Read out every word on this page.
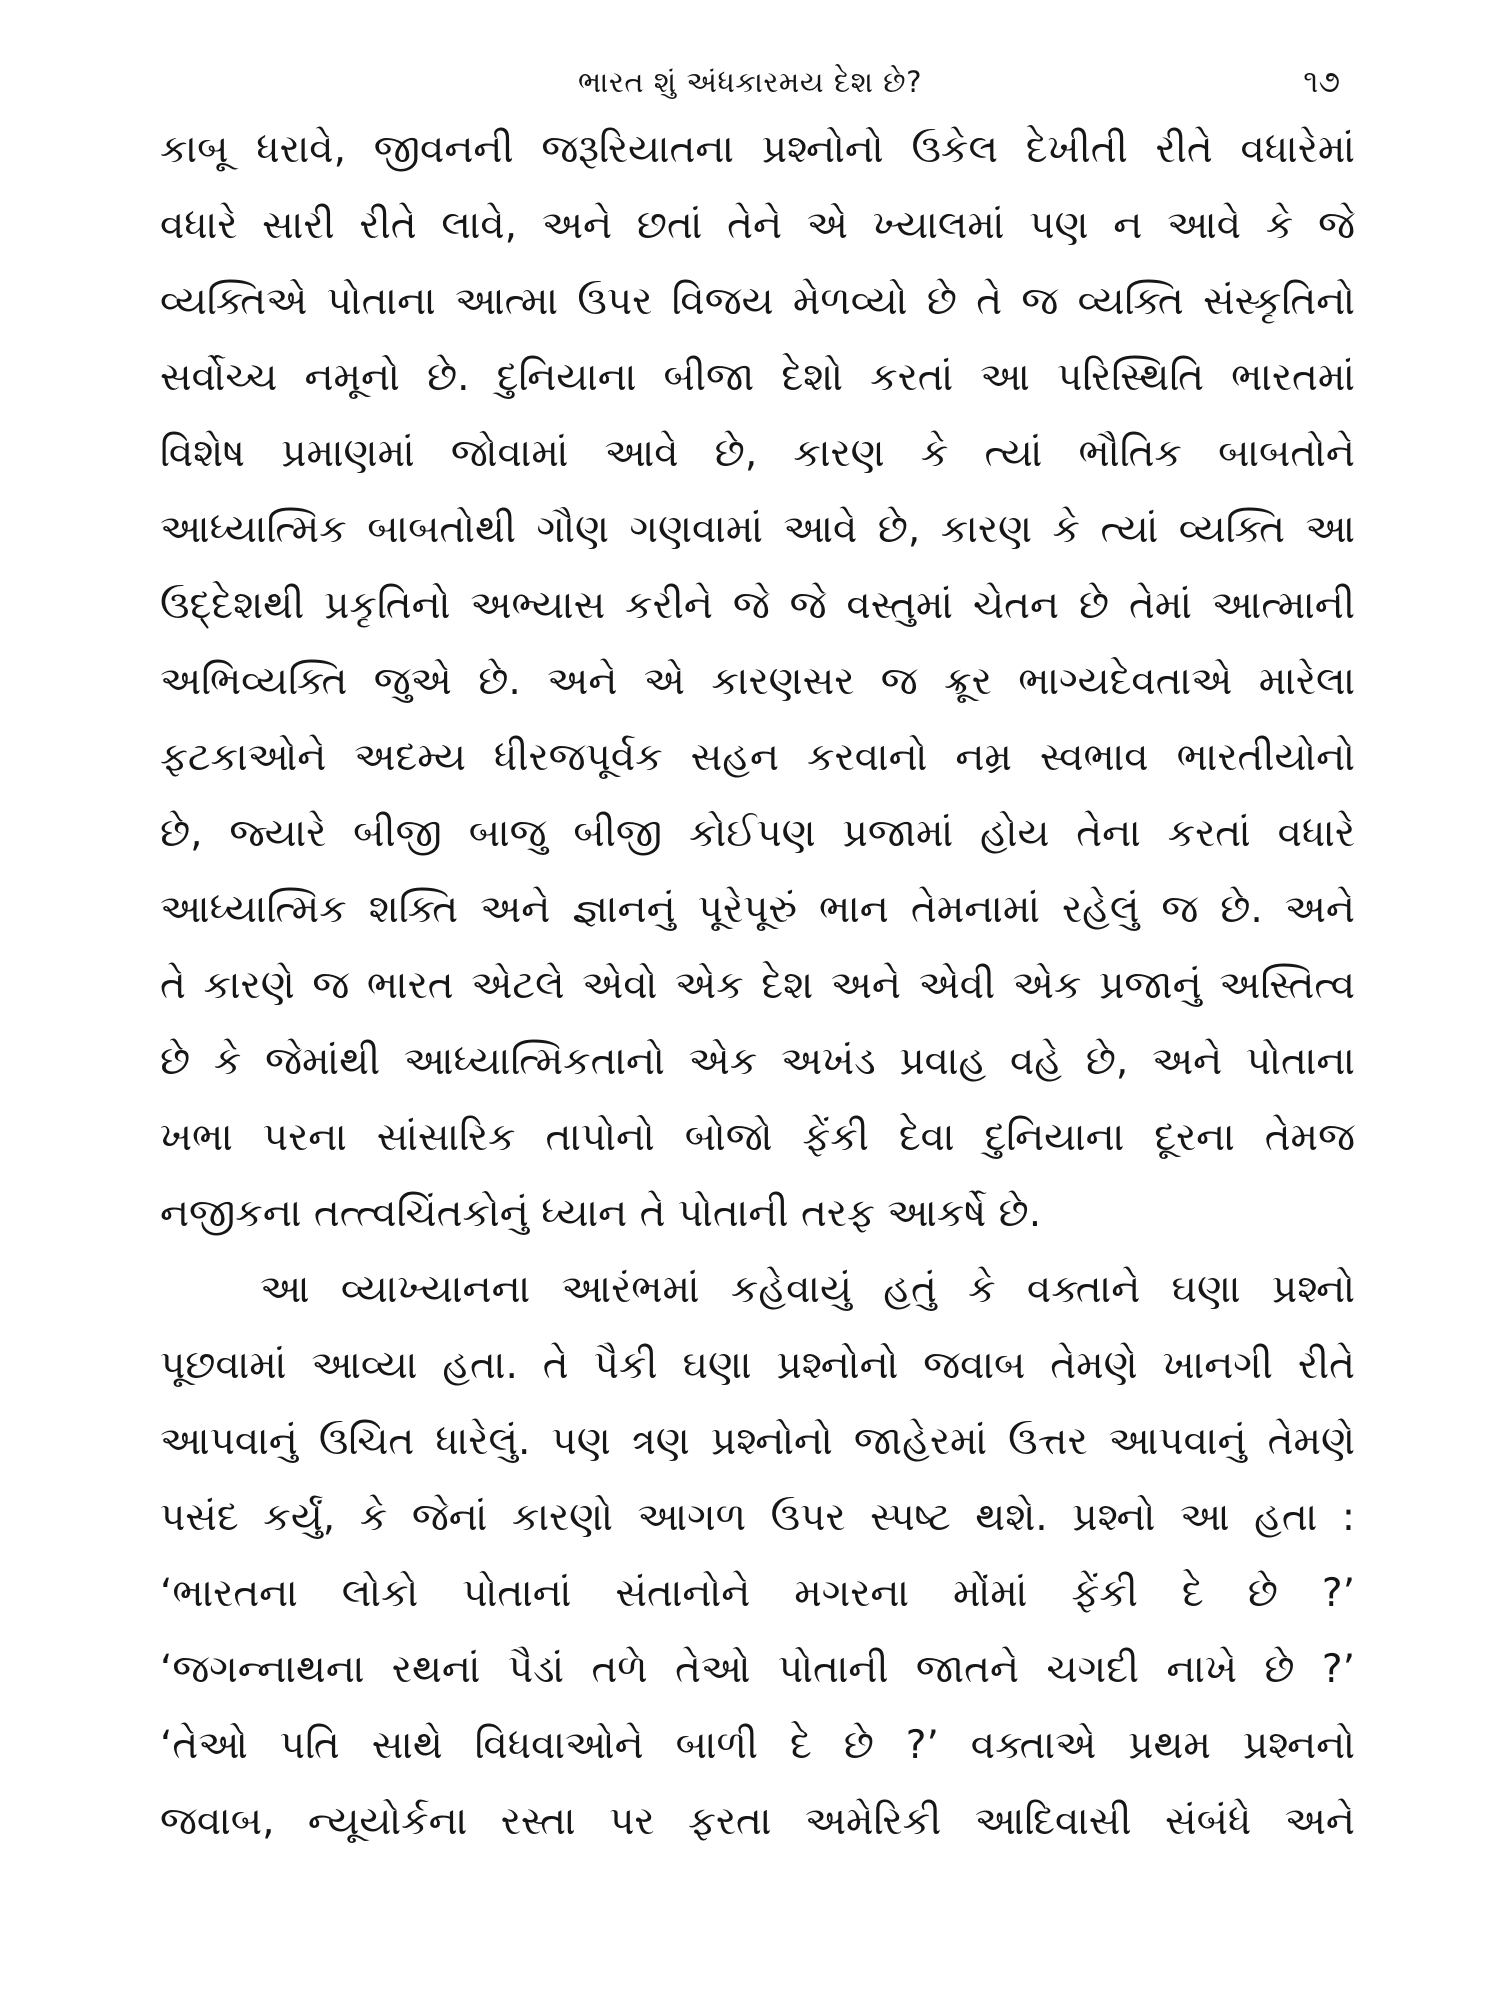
ભારત શું અંધકારમય દેશ છે?	૧૭
કાબૂ ધરાવે, જીવનની જરૂરિયાતના પ્રશ્નોનો ઉકેલ દેખીતી રીતે વધારેમાં
વધારે સારી રીતે લાવે, અને છતાં તેને એ ખ્યાલમાં પણ ન આવે કે જે
વ્યક્તિએ પોતાના આત્મા ઉપર વિજય મેળવ્યો છે તે જ વ્યક્તિ સંસ્કૃતિનો
સર્વોચ્ચ નમૂનો છે. દુનિયાના બીજા દેશો કરતાં આ પરિસ્થિતિ ભારતમાં
વિશેષ પ્રમાણમાં જોવામાં આવે છે, કારણ કે ત્યાં ભૌતિક બાબતોને
આધ્યાત્મિક બાબતોથી ગૌણ ગણવામાં આવે છે, કારણ કે ત્યાં વ્યક્તિ આ
ઉદ્દેશથી પ્રકૃતિનો અભ્યાસ કરીને જે જે વસ્તુમાં ચેતન છે તેમાં આત્માની
અભિવ્યક્તિ જુએ છે. અને એ કારણસર જ ક્રૂર ભાગ્યદેવતાએ મારેલા
ફટકાઓને અદમ્ય ધીરજપૂર્વક સહન કરવાનો નમ્ર સ્વભાવ ભારતીયોનો
છે, જ્યારે બીજી બાજુ બીજી કોઈપણ પ્રજામાં હોય તેના કરતાં વધારે
આધ્યાત્મિક શક્તિ અને જ્ઞાનનું પૂરેપૂરું ભાન તેમનામાં રહેલું જ છે. અને
તે કારણે જ ભારત એટલે એવો એક દેશ અને એવી એક પ્રજાનું અસ્તિત્વ
છે કે જેમાંથી આધ્યાત્મિકતાનો એક અખંડ પ્રવાહ વહે છે, અને પોતાના
ખભા પરના સાંસારિક તાપોનો બોજો ફેંકી દેવા દુનિયાના દૂરના તેમજ
નજીકના તત્ત્વચિંતકોનું ધ્યાન તે પોતાની તરફ આકર્ષે છે.
આ વ્યાખ્યાનના આરંભમાં કહેવાયું હતું કે વક્તાને ઘણા પ્રશ્નો
પૂછવામાં આવ્યા હતા. તે પૈકી ઘણા પ્રશ્નોનો જવાબ તેમણે ખાનગી રીતે
આપવાનું ઉચિત ધારેલું. પણ ત્રણ પ્રશ્નોનો જાહેરમાં ઉત્તર આપવાનું તેમણે
પસંદ કર્યું, કે જેનાં કારણો આગળ ઉપર સ્પષ્ટ થશે. પ્રશ્નો આ હતા :
‘ભારતના લોકો પોતાનાં સંતાનોને મગરના મોંમાં ફેંકી દે છે ?’
‘જગન્નાથના રથનાં પૈડાં તળે તેઓ પોતાની જાતને ચગદી નાખે છે ?’
‘તેઓ પતિ સાથે વિધવાઓને બાળી દે છે ?’ વક્તાએ પ્રથમ પ્રશ્નનો
જવાબ, ન્યૂયોર્કના રસ્તા પર ફરતા અમેરિકી આદિવાસી સંબંધે અને
